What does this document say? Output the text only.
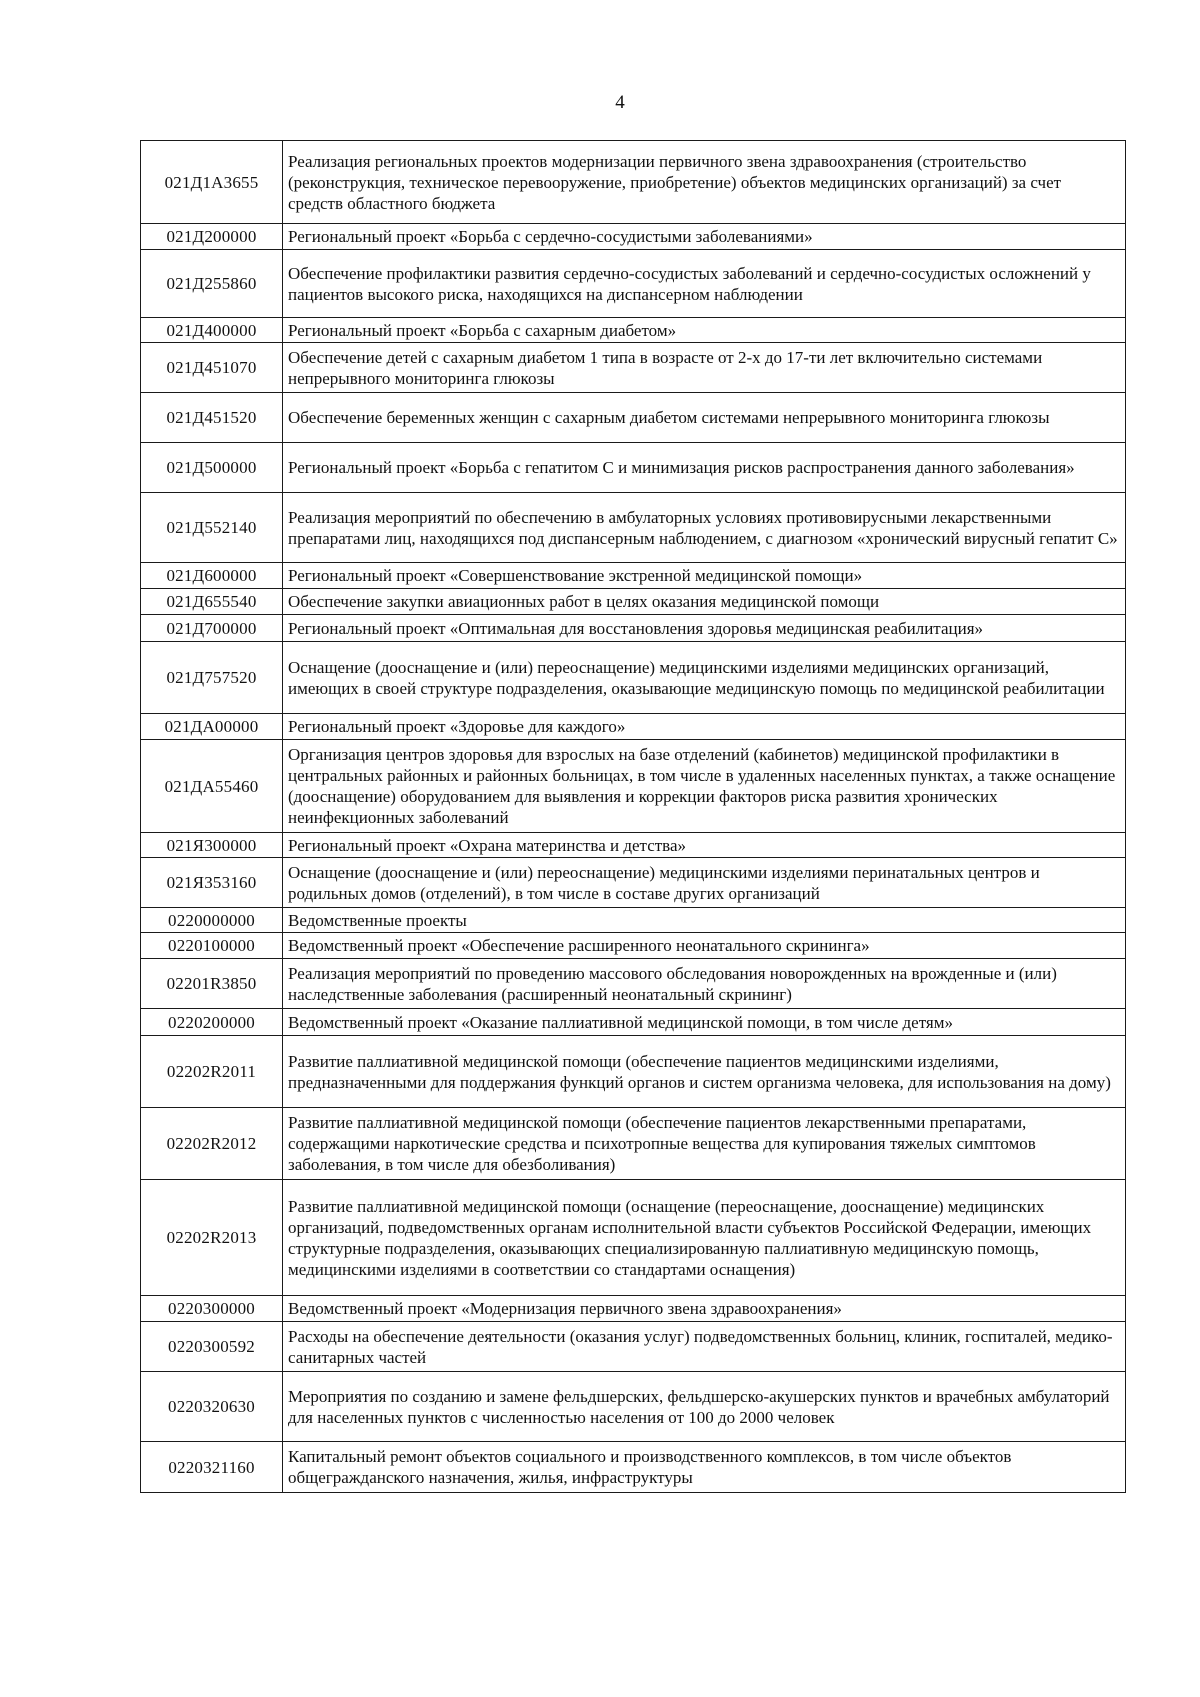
4
021Д1А3655	Реализация региональных проектов модернизации первичного звена здравоохранения (строительство (реконструкция, техническое перевооружение, приобретение) объектов медицинских организаций) за счет средств областного бюджета
021Д200000	Региональный проект «Борьба с сердечно-сосудистыми заболеваниями»
021Д255860	Обеспечение профилактики развития сердечно-сосудистых заболеваний и сердечно-сосудистых осложнений у пациентов высокого риска, находящихся на диспансерном наблюдении
021Д400000	Региональный проект «Борьба с сахарным диабетом»
021Д451070	Обеспечение детей с сахарным диабетом 1 типа в возрасте от 2-х до 17-ти лет включительно системами непрерывного мониторинга глюкозы
021Д451520	Обеспечение беременных женщин с сахарным диабетом системами непрерывного мониторинга глюкозы
021Д500000	Региональный проект «Борьба с гепатитом С и минимизация рисков распространения данного заболевания»
021Д552140	Реализация мероприятий по обеспечению в амбулаторных условиях противовирусными лекарственными препаратами лиц, находящихся под диспансерным наблюдением, с диагнозом «хронический вирусный гепатит С»
021Д600000	Региональный проект «Совершенствование экстренной медицинской помощи»
021Д655540	Обеспечение закупки авиационных работ в целях оказания медицинской помощи
021Д700000	Региональный проект «Оптимальная для восстановления здоровья медицинская реабилитация»
021Д757520	Оснащение (дооснащение и (или) переоснащение) медицинскими изделиями медицинских организаций, имеющих в своей структуре подразделения, оказывающие медицинскую помощь по медицинской реабилитации
021ДА00000	Региональный проект «Здоровье для каждого»
021ДА55460	Организация центров здоровья для взрослых на базе отделений (кабинетов) медицинской профилактики в центральных районных и районных больницах, в том числе в удаленных населенных пунктах, а также оснащение (дооснащение) оборудованием для выявления и коррекции факторов риска развития хронических неинфекционных заболеваний
021Я300000	Региональный проект «Охрана материнства и детства»
021Я353160	Оснащение (дооснащение и (или) переоснащение) медицинскими изделиями перинатальных центров и родильных домов (отделений), в том числе в составе других организаций
0220000000	Ведомственные проекты
0220100000	Ведомственный проект «Обеспечение расширенного неонатального скрининга»
02201R3850	Реализация мероприятий по проведению массового обследования новорожденных на врожденные и (или) наследственные заболевания (расширенный неонатальный скрининг)
0220200000	Ведомственный проект «Оказание паллиативной медицинской помощи, в том числе детям»
02202R2011	Развитие паллиативной медицинской помощи (обеспечение пациентов медицинскими изделиями, предназначенными для поддержания функций органов и систем организма человека, для использования на дому)
02202R2012	Развитие паллиативной медицинской помощи (обеспечение пациентов лекарственными препаратами, содержащими наркотические средства и психотропные вещества для купирования тяжелых симптомов заболевания, в том числе для обезболивания)
02202R2013	Развитие паллиативной медицинской помощи (оснащение (переоснащение, дооснащение) медицинских организаций, подведомственных органам исполнительной власти субъектов Российской Федерации, имеющих структурные подразделения, оказывающих специализированную паллиативную медицинскую помощь, медицинскими изделиями в соответствии со стандартами оснащения)
0220300000	Ведомственный проект «Модернизация первичного звена здравоохранения»
0220300592	Расходы на обеспечение деятельности (оказания услуг) подведомственных больниц, клиник, госпиталей, медико-санитарных частей
0220320630	Мероприятия по созданию и замене фельдшерских, фельдшерско-акушерских пунктов и врачебных амбулаторий для населенных пунктов с численностью населения от 100 до 2000 человек
0220321160	Капитальный ремонт объектов социального и производственного комплексов, в том числе объектов общегражданского назначения, жилья, инфраструктуры
